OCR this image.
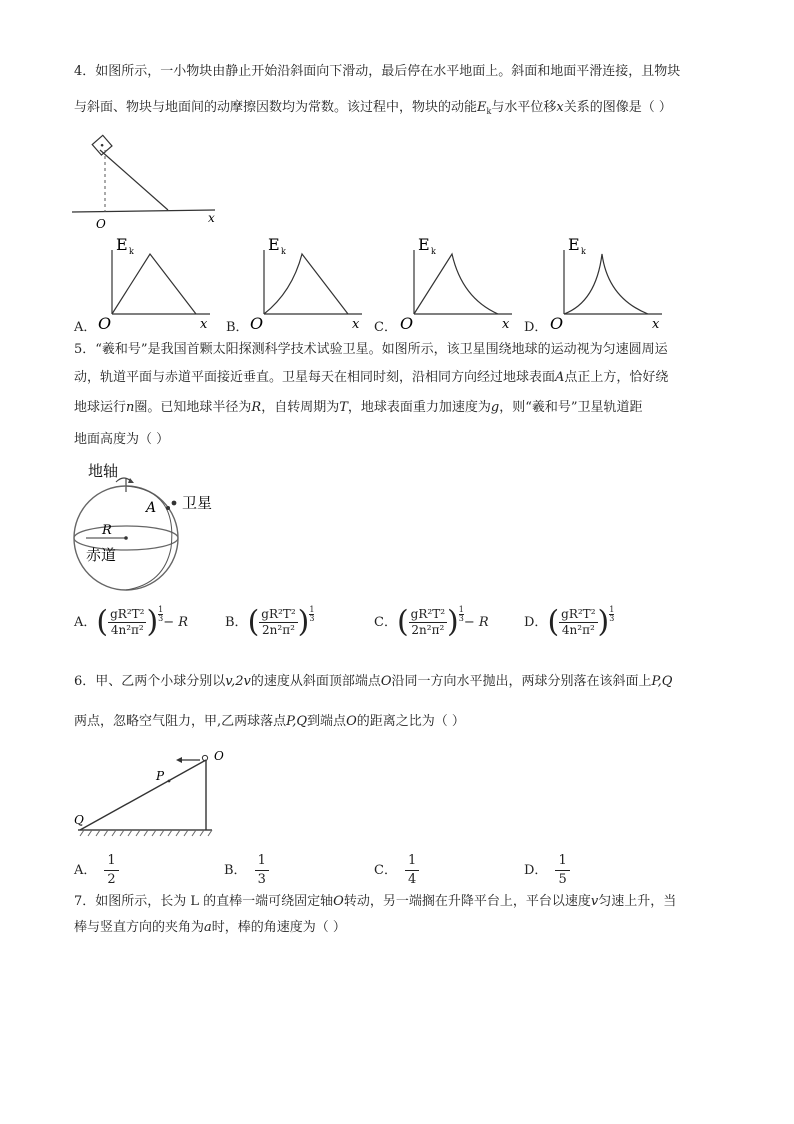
4．如图所示，一小物块由静止开始沿斜面向下滑动，最后停在水平地面上。斜面和地面平滑连接，且物块
与斜面、物块与地面间的动摩擦因数均为常数。该过程中，物块的动能$E_k$与水平位移x关系的图像是（ ）
O	x
A．
E k
O	x B．
E k
O	x C．
E k
O	x D．
E k
O	x
5．“羲和号”是我国首颗太阳探测科学技术试验卫星。如图所示，该卫星围绕地球的运动视为匀速圆周运
动，轨道平面与赤道平面接近垂直。卫星每天在相同时刻，沿相同方向经过地球表面A点正上方，恰好绕
地球运行n圈。已知地球半径为R，自转周期为T，地球表面重力加速度为g，则“羲和号”卫星轨道距
地面高度为（ ）
地轴
A 卫星
R
赤道
A．( $\frac{\text{gR²T²}}{\text{4n²π²}}$ ) $\frac{1}{3} - R$	B．( $\frac{\text{gR²T²}}{\text{2n²π²}}$ ) $\frac{1}{3}$	C．( $\frac{\text{gR²T²}}{\text{2n²π²}}$ ) $\frac{1}{3} - R$	D．( $\frac{\text{gR²T²}}{\text{4n²π²}}$ ) $\frac{1}{3}$
6．甲、乙两个小球分别以v,2v的速度从斜面顶部端点O沿同一方向水平抛出，两球分别落在该斜面上P,Q
两点，忽略空气阻力，甲,乙两球落点P,Q到端点O的距离之比为（ ）
O
P
Q
A． $\frac{1}{2}$	B． $\frac{1}{3}$	C． $\frac{1}{4}$	D． $\frac{1}{5}$
7．如图所示，长为 L 的直棒一端可绕固定轴O转动，另一端搁在升降平台上，平台以速度v匀速上升，当
棒与竖直方向的夹角为a时，棒的角速度为（ ）
